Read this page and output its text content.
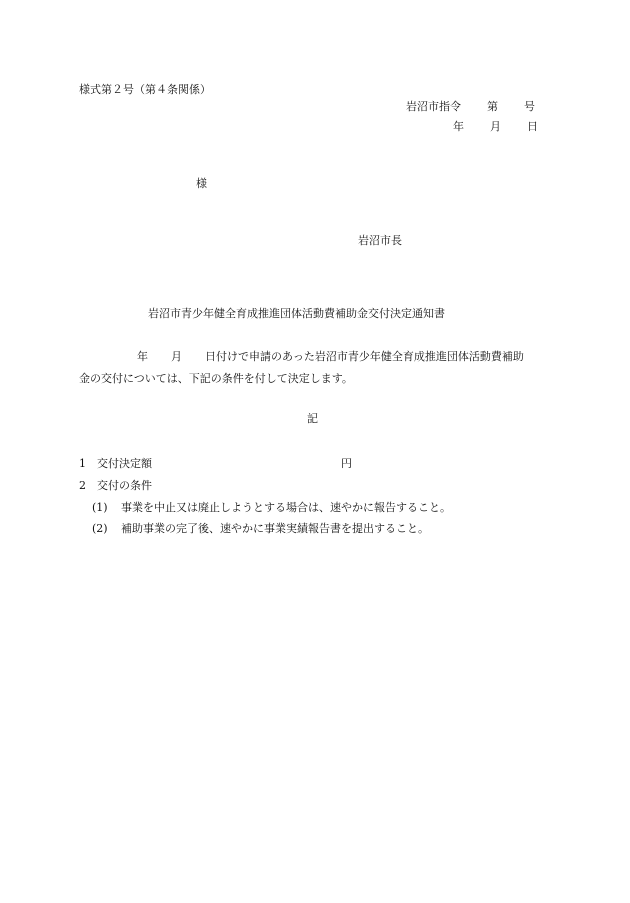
様式第２号（第４条関係）

岩沼市指令 第 号

年 月 日

様

岩沼市長

岩沼市青少年健全育成推進団体活動費補助金交付決定通知書

年 月 日付けで申請のあった岩沼市青少年健全育成推進団体活動費補助

金の交付については、下記の条件を付して決定します。

記

1 交付決定額	円

2 交付の条件

(1) 事業を中止又は廃止しようとする場合は、速やかに報告すること。

(2) 補助事業の完了後、速やかに事業実績報告書を提出すること。
